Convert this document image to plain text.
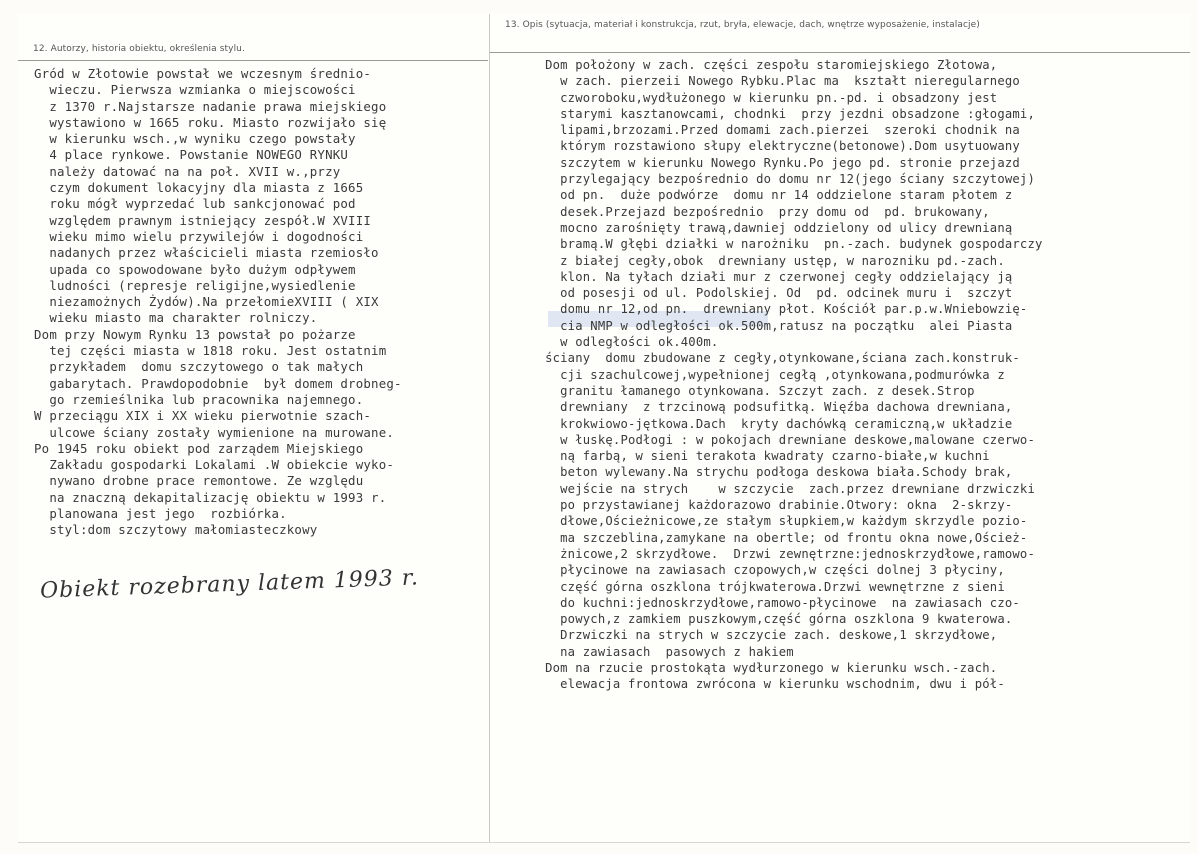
12. Autorzy, historia obiektu, określenia stylu.
13. Opis (sytuacja, materiał i konstrukcja, rzut, bryła, elewacje, dach, wnętrze wyposażenie, instalacje)
Gród w Złotowie powstał we wczesnym średnio-
wieczu. Pierwsza wzmianka o miejscowości
z 1370 r.Najstarsze nadanie prawa miejskiego
wystawiono w 1665 roku. Miasto rozwijało się
w kierunku wsch.,w wyniku czego powstały
4 place rynkowe. Powstanie NOWEGO RYNKU
należy datować na na poł. XVII w.,przy
czym dokument lokacyjny dla miasta z 1665
roku mógł wyprzedać lub sankcjonować pod
względem prawnym istniejący zespół.W XVIII
wieku mimo wielu przywilejów i dogodności
nadanych przez właścicieli miasta rzemiosło
upada co spowodowane było dużym odpływem
ludności (represje religijne,wysiedlenie
niezamożnych Żydów).Na przełomieXVIII ( XIX
wieku miasto ma charakter rolniczy.
Dom przy Nowym Rynku 13 powstał po pożarze
tej części miasta w 1818 roku. Jest ostatnim
przykładem  domu szczytowego o tak małych
gabarytach. Prawdopodobnie  był domem drobneg-
go rzemieślnika lub pracownika najemnego.
W przeciągu XIX i XX wieku pierwotnie szach-
ulcowe ściany zostały wymienione na murowane.
Po 1945 roku obiekt pod zarządem Miejskiego
Zakładu gospodarki Lokalami .W obiekcie wyko-
nywano drobne prace remontowe. Ze względu
na znaczną dekapitalizację obiektu w 1993 r.
planowana jest jego  rozbiórka.
styl:dom szczytowy małomiasteczkowy
Obiekt rozebrany latem 1993 r.
Dom położony w zach. części zespołu staromiejskiego Złotowa,
w zach. pierzeii Nowego Rybku.Plac ma  kształt nieregularnego
czworoboku,wydłużonego w kierunku pn.-pd. i obsadzony jest
starymi kasztanowcami, chodnki  przy jezdni obsadzone :głogami,
lipami,brzozami.Przed domami zach.pierzei  szeroki chodnik na
którym rozstawiono słupy elektryczne(betonowe).Dom usytuowany
szczytem w kierunku Nowego Rynku.Po jego pd. stronie przejazd
przylegający bezpośrednio do domu nr 12(jego ściany szczytowej)
od pn.  duże podwórze  domu nr 14 oddzielone staram płotem z
desek.Przejazd bezpośrednio  przy domu od  pd. brukowany,
mocno zarośnięty trawą,dawniej oddzielony od ulicy drewnianą
bramą.W głębi działki w narożniku  pn.-zach. budynek gospodarczy
z białej cegły,obok  drewniany ustęp, w narozniku pd.-zach.
klon. Na tyłach działi mur z czerwonej cegły oddzielający ją
od posesji od ul. Podolskiej. Od  pd. odcinek muru i  szczyt
domu nr 12,od pn.  drewniany płot. Kościół par.p.w.Wniebowzię-
cia NMP w odległości ok.500m,ratusz na początku  alei Piasta
w odległości ok.400m.
ściany  domu zbudowane z cegły,otynkowane,ściana zach.konstruk-
cji szachulcowej,wypełnionej cegłą ,otynkowana,podmurówka z
granitu łamanego otynkowana. Szczyt zach. z desek.Strop
drewniany  z trzcinową podsufitką. Więźba dachowa drewniana,
krokwiowo-jętkowa.Dach  kryty dachówką ceramiczną,w układzie
w łuskę.Podłogi : w pokojach drewniane deskowe,malowane czerwo-
ną farbą, w sieni terakota kwadraty czarno-białe,w kuchni
beton wylewany.Na strychu podłoga deskowa biała.Schody brak,
wejście na strych    w szczycie  zach.przez drewniane drzwiczki
po przystawianej każdorazowo drabinie.Otwory: okna  2-skrzy-
dłowe,Ościeżnicowe,ze stałym słupkiem,w każdym skrzydle pozio-
ma szczeblina,zamykane na obertle; od frontu okna nowe,Oścież-
żnicowe,2 skrzydłowe.  Drzwi zewnętrzne:jednoskrzydłowe,ramowo-
płycinowe na zawiasach czopowych,w części dolnej 3 płyciny,
część górna oszklona trójkwaterowa.Drzwi wewnętrzne z sieni
do kuchni:jednoskrzydłowe,ramowo-płycinowe  na zawiasach czo-
powych,z zamkiem puszkowym,część górna oszklona 9 kwaterowa.
Drzwiczki na strych w szczycie zach. deskowe,1 skrzydłowe,
na zawiasach  pasowych z hakiem
Dom na rzucie prostokąta wydłurzonego w kierunku wsch.-zach.
elewacja frontowa zwrócona w kierunku wschodnim, dwu i pół-
